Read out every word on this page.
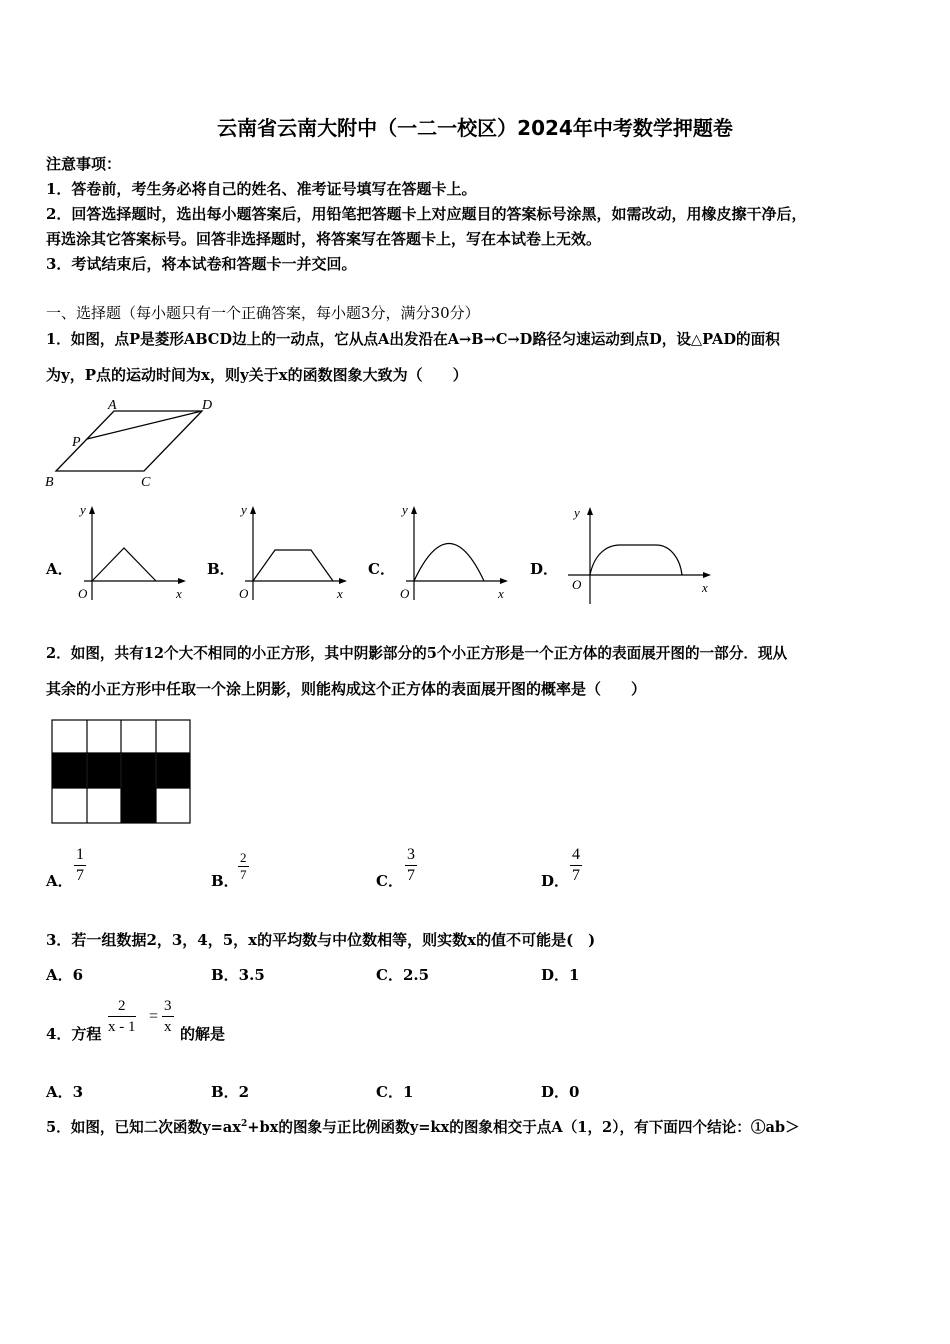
云南省云南大附中（一二一校区）2024年中考数学押题卷
注意事项：
1．答卷前，考生务必将自己的姓名、准考证号填写在答题卡上。
2．回答选择题时，选出每小题答案后，用铅笔把答题卡上对应题目的答案标号涂黑，如需改动，用橡皮擦干净后，
再选涂其它答案标号。回答非选择题时，将答案写在答题卡上，写在本试卷上无效。
3．考试结束后，将本试卷和答题卡一并交回。
一、选择题（每小题只有一个正确答案，每小题3分，满分30分）
1．如图，点P是菱形ABCD边上的一动点，它从点A出发沿在A→B→C→D路径匀速运动到点D，设△PAD的面积
为y，P点的运动时间为x，则y关于x的函数图象大致为（　　）
A	D
P
B	C
A．
y
O	x
B．
y
O	x
C．
y
O	x
D．
y
O	x
2．如图，共有12个大不相同的小正方形，其中阴影部分的5个小正方形是一个正方体的表面展开图的一部分．现从
其余的小正方形中任取一个涂上阴影，则能构成这个正方体的表面展开图的概率是（　　）
A． $\frac{1}{7}$	B． $\frac{2}{7}$	C． $\frac{3}{7}$	D． $\frac{4}{7}$
3．若一组数据2，3，4，5，x的平均数与中位数相等，则实数x的值不可能是(　)
A．6	B．3.5	C．2.5	D．1
4．方程 $\frac{2}{x - 1} = \frac{3}{x}$ 的解是
A．3	B．2	C．1	D．0
5．如图，已知二次函数$y=ax^2+bx$的图象与正比例函数y=kx的图象相交于点A（1，2），有下面四个结论：①ab＞
